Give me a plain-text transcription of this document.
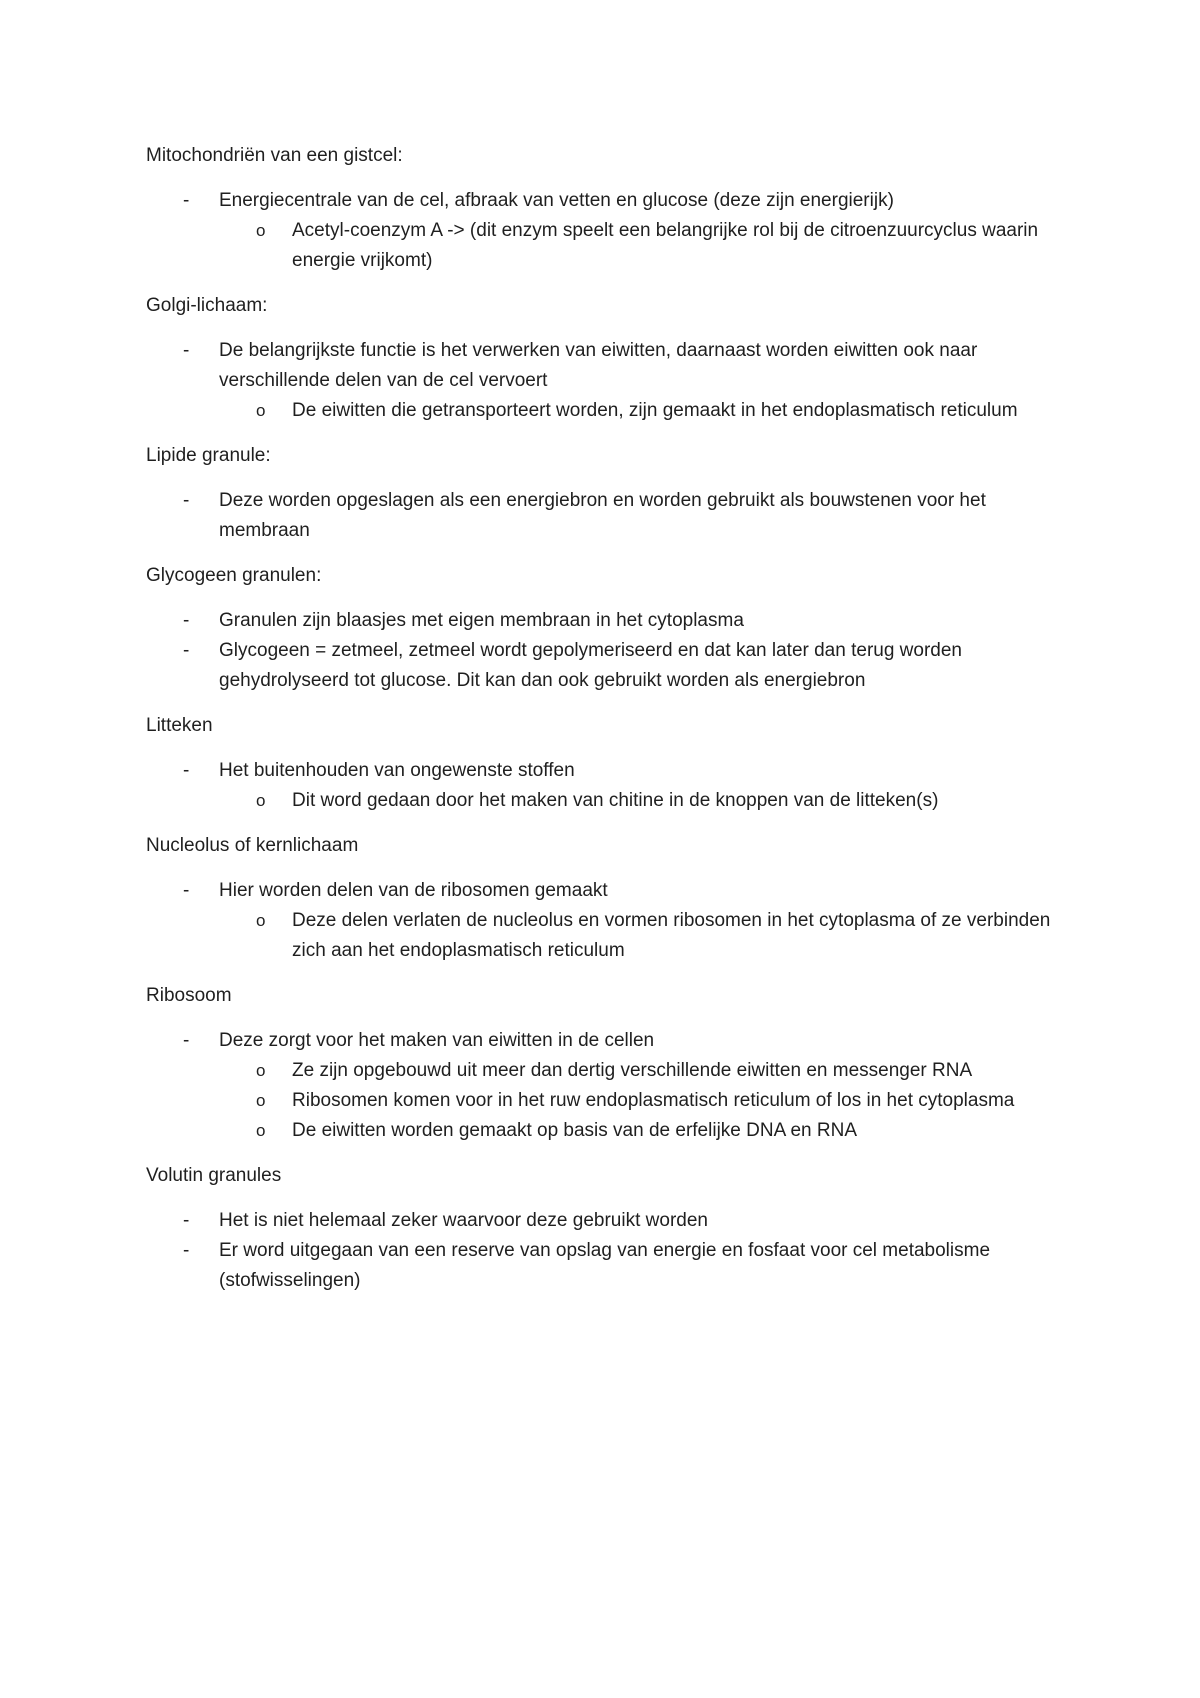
Mitochondriën van een gistcel:
- Energiecentrale van de cel, afbraak van vetten en glucose (deze zijn energierijk)
o Acetyl-coenzym A -> (dit enzym speelt een belangrijke rol bij de citroenzuurcyclus waarin energie vrijkomt)
Golgi-lichaam:
- De belangrijkste functie is het verwerken van eiwitten, daarnaast worden eiwitten ook naar verschillende delen van de cel vervoert
o De eiwitten die getransporteert worden, zijn gemaakt in het endoplasmatisch reticulum
Lipide granule:
- Deze worden opgeslagen als een energiebron en worden gebruikt als bouwstenen voor het membraan
Glycogeen granulen:
- Granulen zijn blaasjes met eigen membraan in het cytoplasma
- Glycogeen = zetmeel, zetmeel wordt gepolymeriseerd en dat kan later dan terug worden gehydrolyseerd tot glucose. Dit kan dan ook gebruikt worden als energiebron
Litteken
- Het buitenhouden van ongewenste stoffen
o Dit word gedaan door het maken van chitine in de knoppen van de litteken(s)
Nucleolus of kernlichaam
- Hier worden delen van de ribosomen gemaakt
o Deze delen verlaten de nucleolus en vormen ribosomen in het cytoplasma of ze verbinden zich aan het endoplasmatisch reticulum
Ribosoom
- Deze zorgt voor het maken van eiwitten in de cellen
o Ze zijn opgebouwd uit meer dan dertig verschillende eiwitten en messenger RNA
o Ribosomen komen voor in het ruw endoplasmatisch reticulum of los in het cytoplasma
o De eiwitten worden gemaakt op basis van de erfelijke DNA en RNA
Volutin granules
- Het is niet helemaal zeker waarvoor deze gebruikt worden
- Er word uitgegaan van een reserve van opslag van energie en fosfaat voor cel metabolisme (stofwisselingen)
